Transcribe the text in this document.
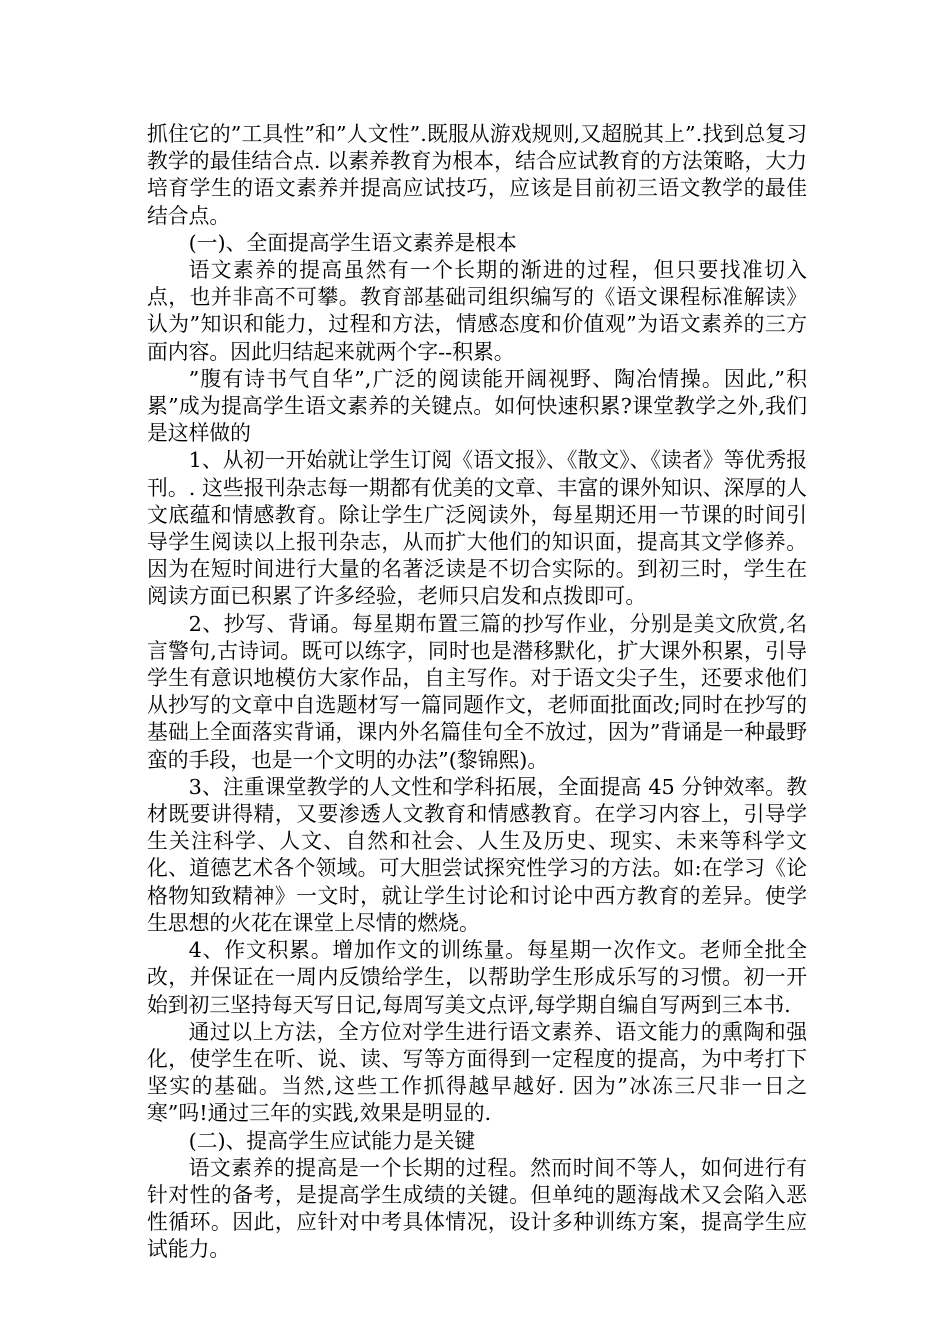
抓住它的”工具性”和”人文性”.既服从游戏规则,又超脱其上”.找到总复习教学的最佳结合点. 以素养教育为根本，结合应试教育的方法策略，大力培育学生的语文素养并提高应试技巧，应该是目前初三语文教学的最佳结合点。

(一)、全面提高学生语文素养是根本

语文素养的提高虽然有一个长期的渐进的过程，但只要找准切入点，也并非高不可攀。教育部基础司组织编写的《语文课程标准解读》认为”知识和能力，过程和方法，情感态度和价值观”为语文素养的三方面内容。因此归结起来就两个字--积累。

”腹有诗书气自华”,广泛的阅读能开阔视野、陶冶情操。因此,”积累”成为提高学生语文素养的关键点。如何快速积累?课堂教学之外,我们是这样做的

1、从初一开始就让学生订阅《语文报》、《散文》、《读者》等优秀报刊。. 这些报刊杂志每一期都有优美的文章、丰富的课外知识、深厚的人文底蕴和情感教育。除让学生广泛阅读外，每星期还用一节课的时间引导学生阅读以上报刊杂志，从而扩大他们的知识面，提高其文学修养。因为在短时间进行大量的名著泛读是不切合实际的。到初三时，学生在阅读方面已积累了许多经验，老师只启发和点拨即可。

2、抄写、背诵。每星期布置三篇的抄写作业，分别是美文欣赏,名言警句,古诗词。既可以练字，同时也是潜移默化，扩大课外积累，引导学生有意识地模仿大家作品，自主写作。对于语文尖子生，还要求他们从抄写的文章中自选题材写一篇同题作文，老师面批面改;同时在抄写的基础上全面落实背诵，课内外名篇佳句全不放过，因为”背诵是一种最野蛮的手段，也是一个文明的办法”(黎锦熙)。

3、注重课堂教学的人文性和学科拓展，全面提高 45 分钟效率。教材既要讲得精，又要渗透人文教育和情感教育。在学习内容上，引导学生关注科学、人文、自然和社会、人生及历史、现实、未来等科学文化、道德艺术各个领域。可大胆尝试探究性学习的方法。如:在学习《论格物知致精神》一文时，就让学生讨论和讨论中西方教育的差异。使学生思想的火花在课堂上尽情的燃烧。

4、作文积累。增加作文的训练量。每星期一次作文。老师全批全改，并保证在一周内反馈给学生，以帮助学生形成乐写的习惯。初一开始到初三坚持每天写日记,每周写美文点评,每学期自编自写两到三本书.

通过以上方法，全方位对学生进行语文素养、语文能力的熏陶和强化，使学生在听、说、读、写等方面得到一定程度的提高，为中考打下坚实的基础。当然,这些工作抓得越早越好. 因为”冰冻三尺非一日之寒”吗!通过三年的实践,效果是明显的.

(二)、提高学生应试能力是关键

语文素养的提高是一个长期的过程。然而时间不等人，如何进行有针对性的备考，是提高学生成绩的关键。但单纯的题海战术又会陷入恶性循环。因此，应针对中考具体情况，设计多种训练方案，提高学生应试能力。
